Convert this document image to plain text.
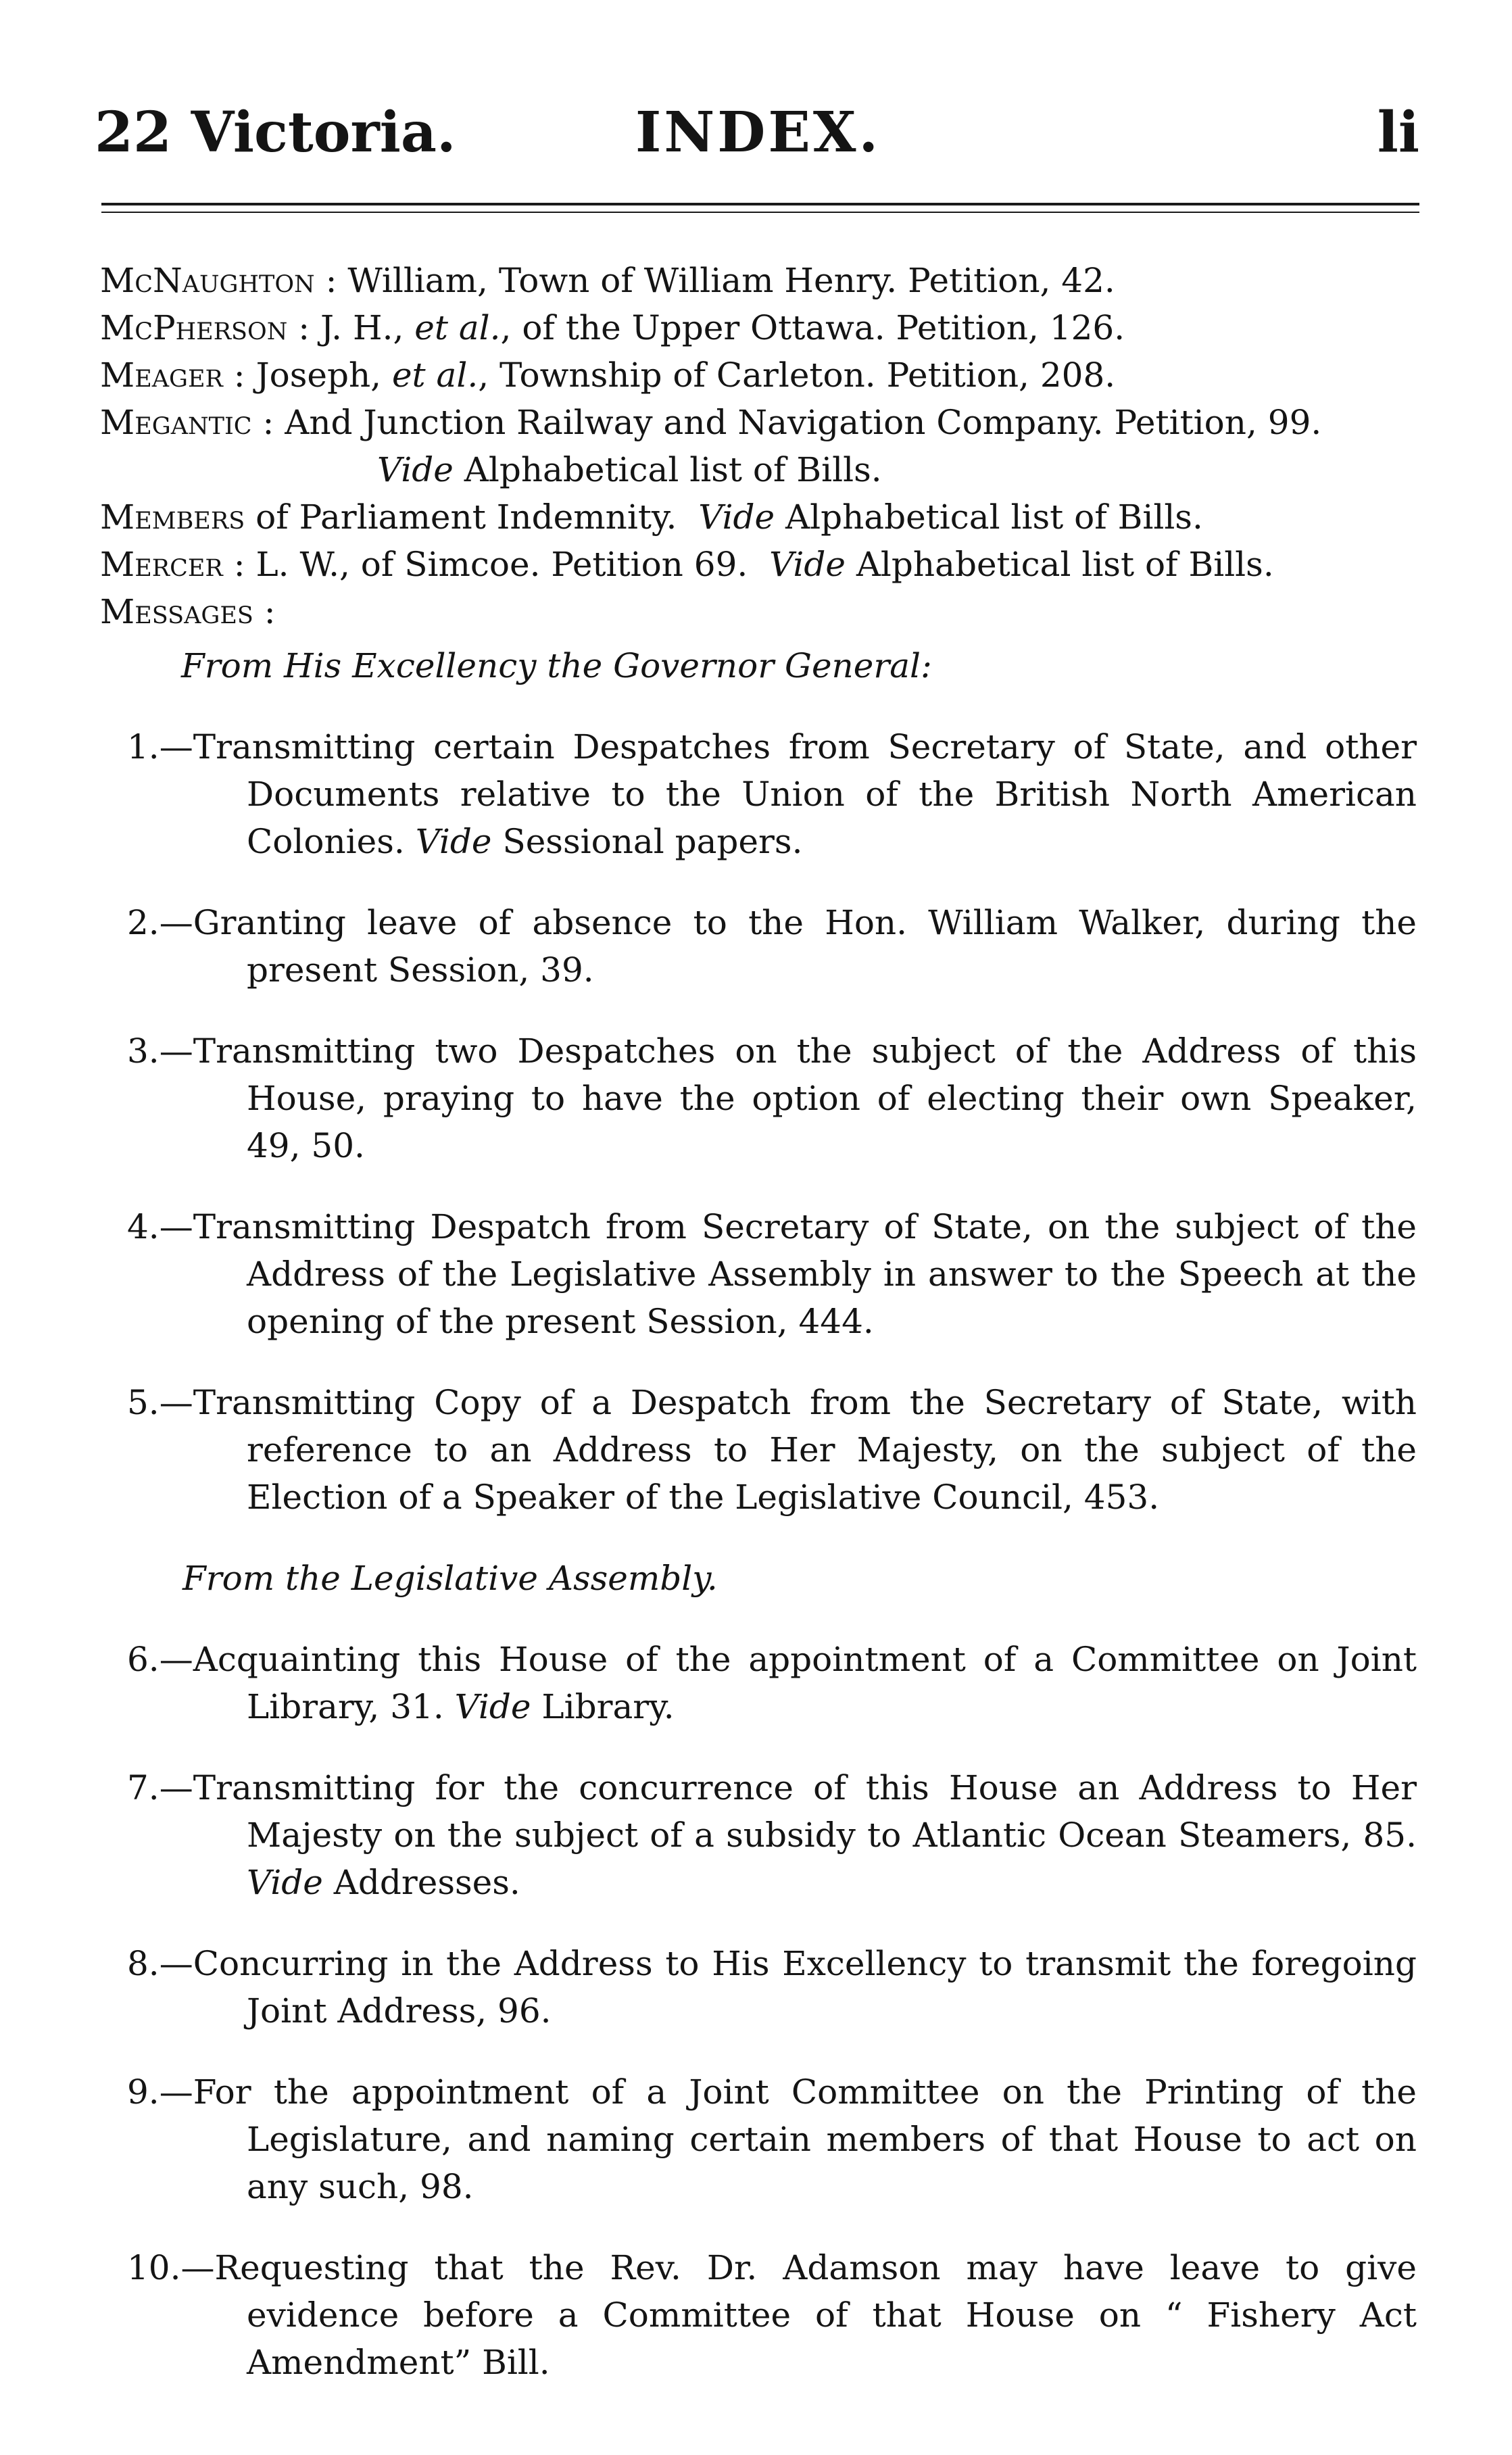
22 Victoria.	INDEX.	li

McNaughton : William, Town of William Henry. Petition, 42.

McPherson : J. H., et al., of the Upper Ottawa. Petition, 126.

Meager : Joseph, et al., Township of Carleton. Petition, 208.

Megantic : And Junction Railway and Navigation Company. Petition, 99.

Vide Alphabetical list of Bills.

Members of Parliament Indemnity. Vide Alphabetical list of Bills.

Mercer : L. W., of Simcoe. Petition 69. Vide Alphabetical list of Bills.

Messages :

From His Excellency the Governor General:

1.—Transmitting certain Despatches from Secretary of State, and other Documents relative to the Union of the British North American Colonies. Vide Sessional papers.

2.—Granting leave of absence to the Hon. William Walker, during the present Session, 39.

3.—Transmitting two Despatches on the subject of the Address of this House, praying to have the option of electing their own Speaker, 49, 50.

4.—Transmitting Despatch from Secretary of State, on the subject of the Address of the Legislative Assembly in answer to the Speech at the opening of the present Session, 444.

5.—Transmitting Copy of a Despatch from the Secretary of State, with reference to an Address to Her Majesty, on the subject of the Election of a Speaker of the Legislative Council, 453.

From the Legislative Assembly.

6.—Acquainting this House of the appointment of a Committee on Joint Library, 31. Vide Library.

7.—Transmitting for the concurrence of this House an Address to Her Majesty on the subject of a subsidy to Atlantic Ocean Steamers, 85. Vide Addresses.

8.—Concurring in the Address to His Excellency to transmit the foregoing Joint Address, 96.

9.—For the appointment of a Joint Committee on the Printing of the Legislature, and naming certain members of that House to act on any such, 98.

10.—Requesting that the Rev. Dr. Adamson may have leave to give evidence before a Committee of that House on “ Fishery Act Amendment” Bill.
